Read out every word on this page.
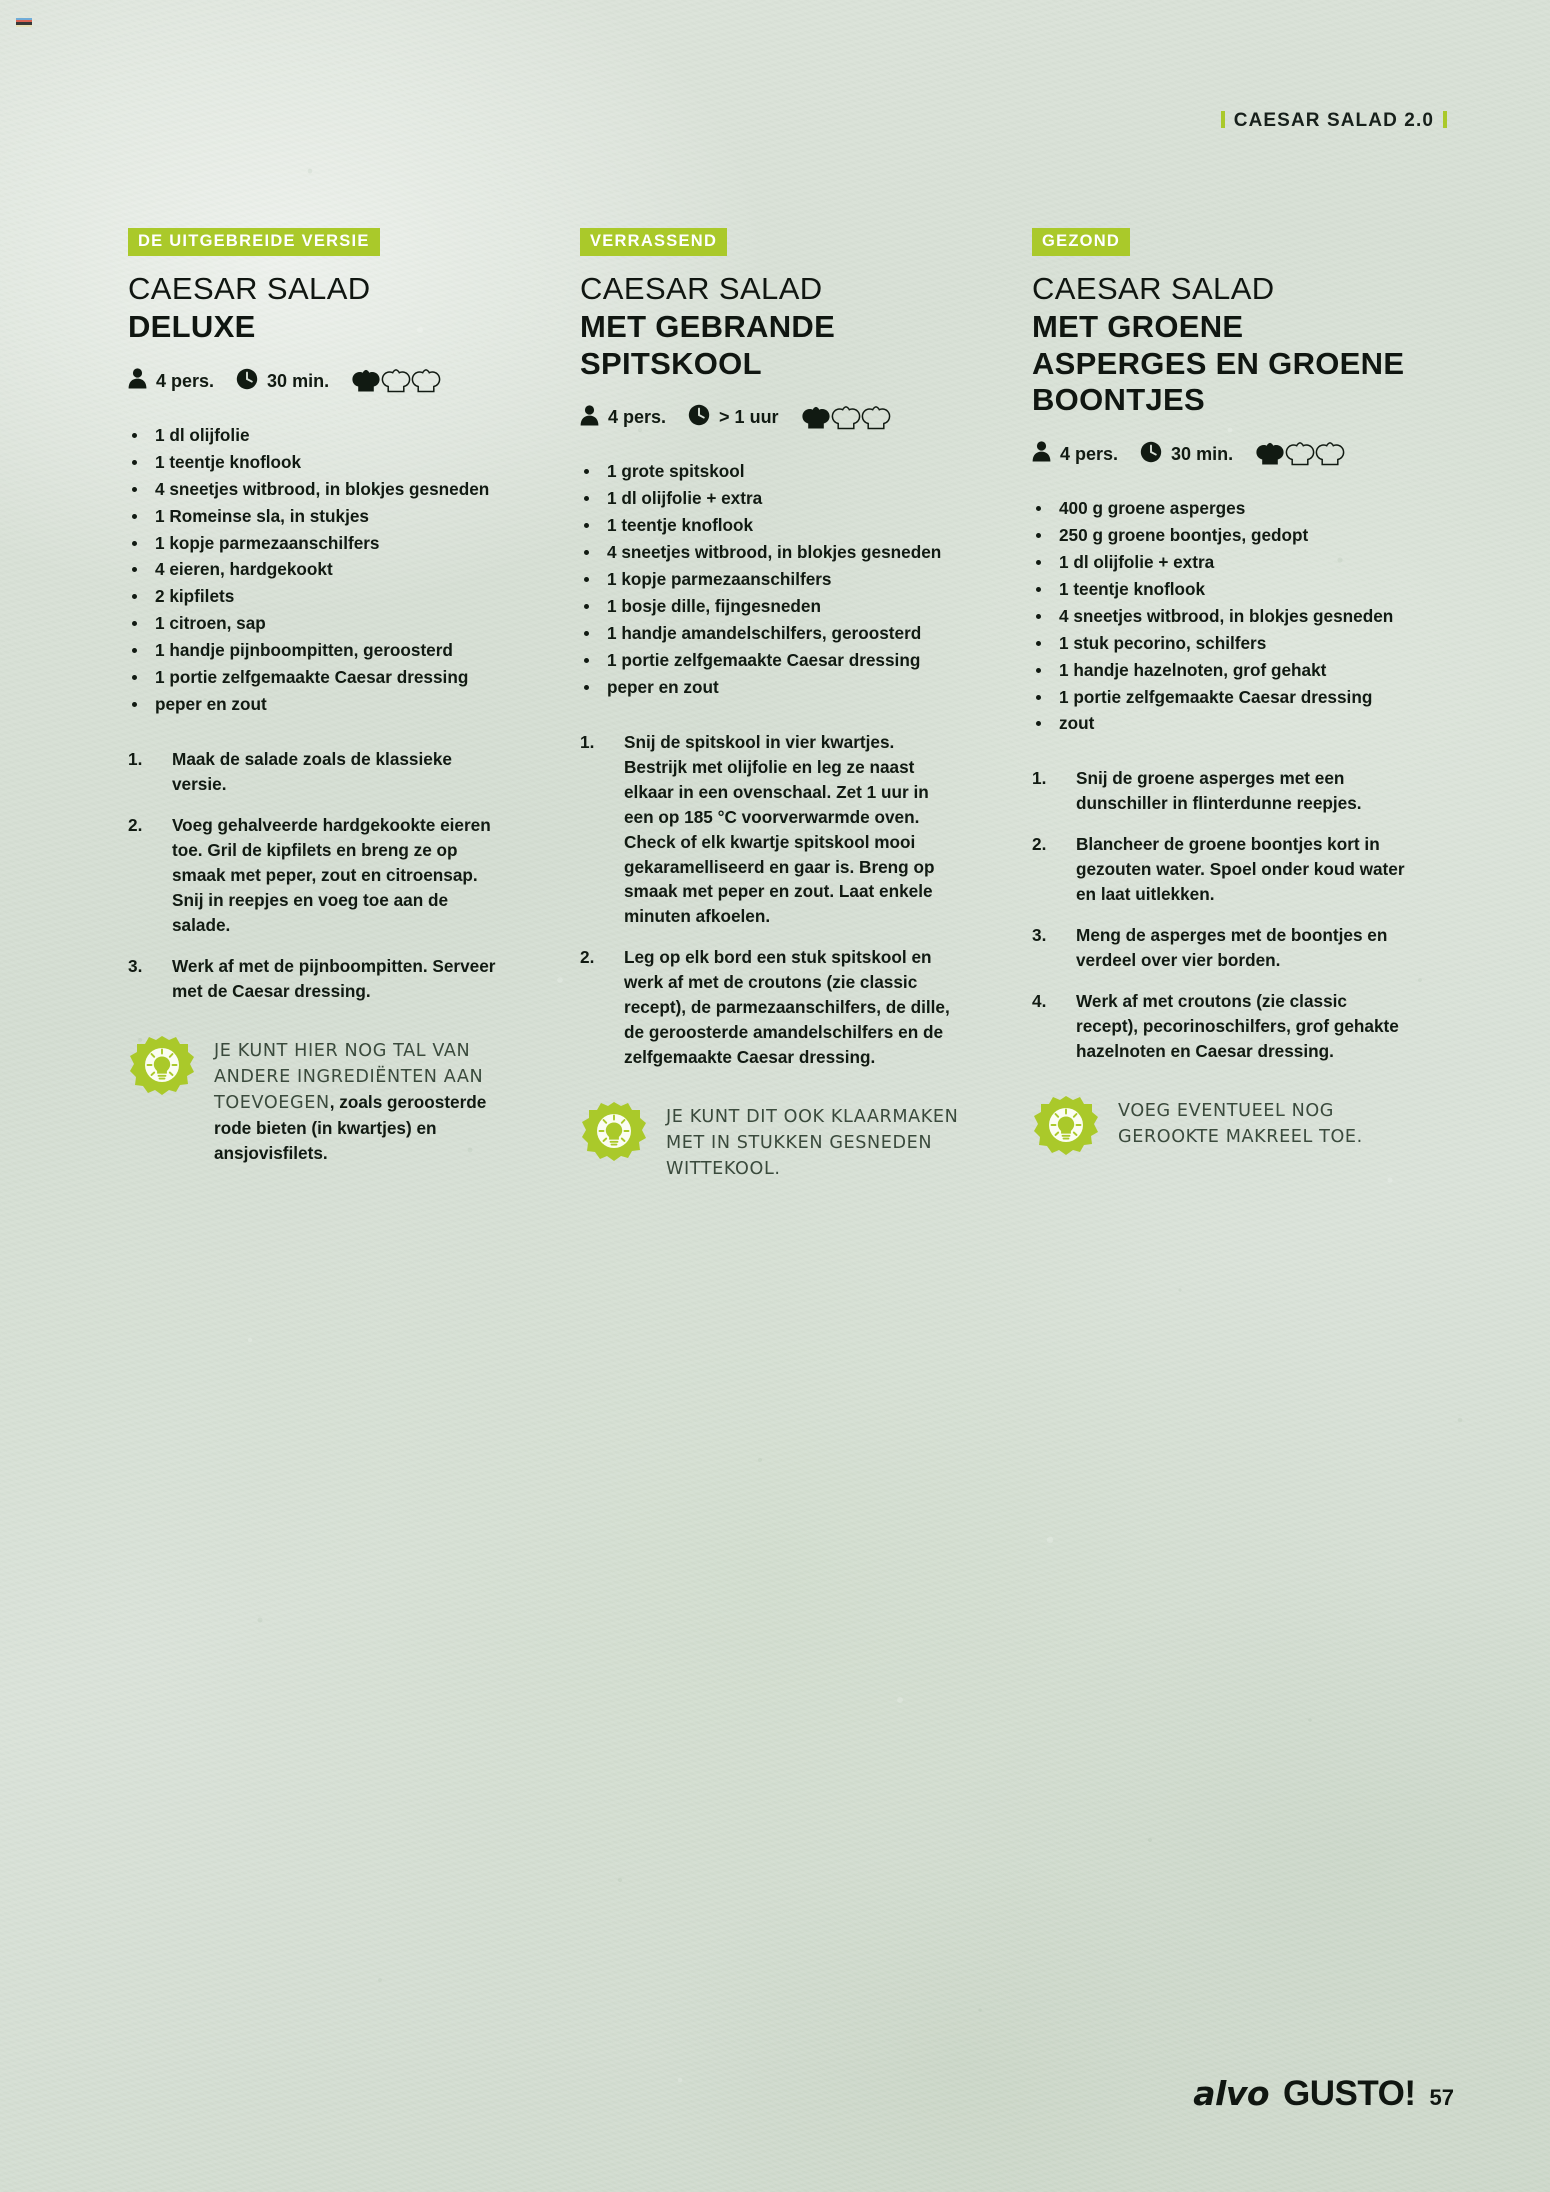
CAESAR SALAD 2.0
DE UITGEBREIDE VERSIE
CAESAR SALAD
DELUXE
4 pers.	30 min.
1 dl olijfolie
1 teentje knoflook
4 sneetjes witbrood, in blokjes gesneden
1 Romeinse sla, in stukjes
1 kopje parmezaanschilfers
4 eieren, hardgekookt
2 kipfilets
1 citroen, sap
1 handje pijnboompitten, geroosterd
1 portie zelfgemaakte Caesar dressing
peper en zout
Maak de salade zoals de klassieke versie.
Voeg gehalveerde hardgekookte eieren toe. Gril de kipfilets en breng ze op smaak met peper, zout en citroensap. Snij in reepjes en voeg toe aan de salade.
Werk af met de pijnboompitten. Serveer met de Caesar dressing.
JE KUNT HIER NOG TAL VAN ANDERE INGREDIËNTEN AAN TOEVOEGEN, zoals geroosterde rode bieten (in kwartjes) en ansjovisfilets.
VERRASSEND
CAESAR SALAD
MET GEBRANDE SPITSKOOL
4 pers.	> 1 uur
1 grote spitskool
1 dl olijfolie + extra
1 teentje knoflook
4 sneetjes witbrood, in blokjes gesneden
1 kopje parmezaanschilfers
1 bosje dille, fijngesneden
1 handje amandelschilfers, geroosterd
1 portie zelfgemaakte Caesar dressing
peper en zout
Snij de spitskool in vier kwartjes. Bestrijk met olijfolie en leg ze naast elkaar in een ovenschaal. Zet 1 uur in een op 185 °C voorverwarmde oven. Check of elk kwartje spitskool mooi gekaramelliseerd en gaar is. Breng op smaak met peper en zout. Laat enkele minuten afkoelen.
Leg op elk bord een stuk spitskool en werk af met de croutons (zie classic recept), de parmezaanschilfers, de dille, de geroosterde amandelschilfers en de zelfgemaakte Caesar dressing.
JE KUNT DIT OOK KLAARMAKEN MET IN STUKKEN GESNEDEN WITTEKOOL.
GEZOND
CAESAR SALAD
MET GROENE ASPERGES EN GROENE BOONTJES
4 pers.	30 min.
400 g groene asperges
250 g groene boontjes, gedopt
1 dl olijfolie + extra
1 teentje knoflook
4 sneetjes witbrood, in blokjes gesneden
1 stuk pecorino, schilfers
1 handje hazelnoten, grof gehakt
1 portie zelfgemaakte Caesar dressing
zout
Snij de groene asperges met een dunschiller in flinterdunne reepjes.
Blancheer de groene boontjes kort in gezouten water. Spoel onder koud water en laat uitlekken.
Meng de asperges met de boontjes en verdeel over vier borden.
Werk af met croutons (zie classic recept), pecorinoschilfers, grof gehakte hazelnoten en Caesar dressing.
VOEG EVENTUEEL NOG GEROOKTE MAKREEL TOE.
alvo GUSTO! 57
